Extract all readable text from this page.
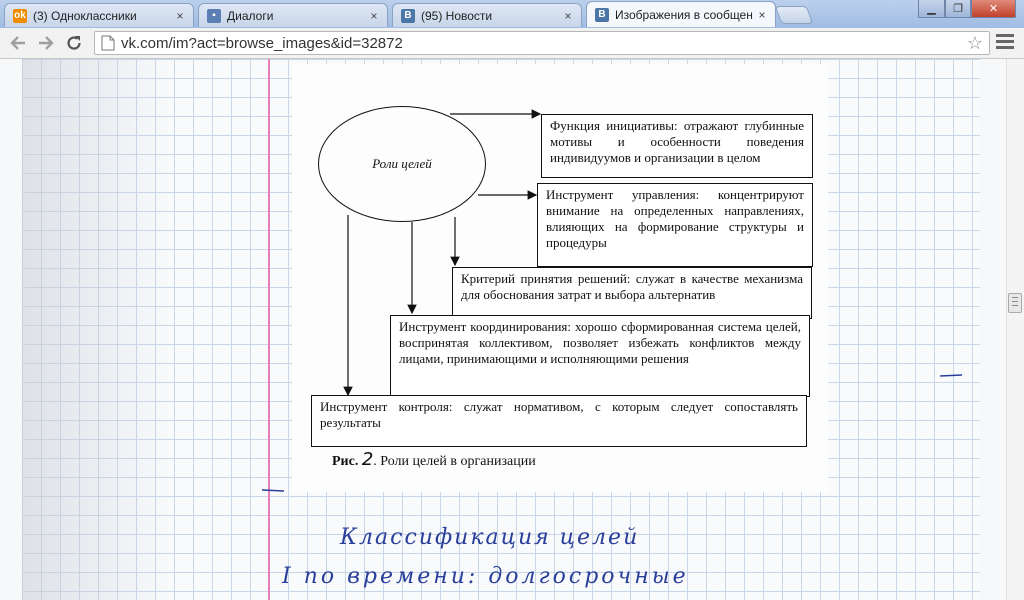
ok (3) Одноклассники	×	▪ Диалоги	×	B (95) Новости	×	B Изображения в сообщен ×	▁	❐	✕
vk.com/im?act=browse_images&id=32872	☆
Роли целей
Функция инициативы: отражают глубинные мотивы и особенности поведения индивидуумов и организации в целом
Инструмент управления: концентрируют внимание на определенных направлениях, влияющих на формирование структуры и процедуры
Критерий принятия решений: служат в качестве механизма для обоснования затрат и выбора альтернатив
Инструмент координирования: хорошо сформированная система целей, воспринятая коллективом, позволяет избежать конфликтов между лицами, принимающими и исполняющими решения
Инструмент контроля: служат нормативом, с которым следует сопоставлять результаты
Рис. 2. Роли целей в организации
Классификация целей
I по времени: долгосрочные
